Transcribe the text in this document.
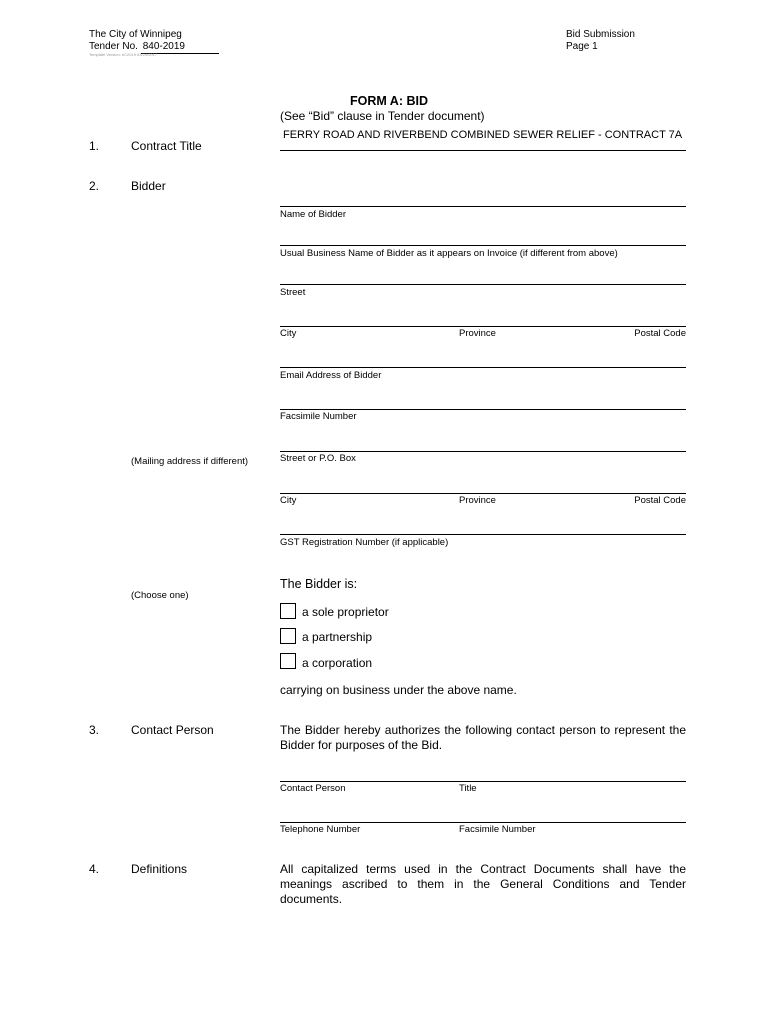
The City of Winnipeg
Tender No. 840-2019
Template Version: eC2019 03/20/2017
Bid Submission
Page 1
FORM A: BID
(See “Bid” clause in Tender document)
1.	Contract Title
FERRY ROAD AND RIVERBEND COMBINED SEWER RELIEF - CONTRACT 7A
2.	Bidder
Name of Bidder
Usual Business Name of Bidder as it appears on Invoice (if different from above)
Street
City	Province	Postal Code
Email Address of Bidder
Facsimile Number
Street or P.O. Box
(Mailing address if different)
City	Province	Postal Code
GST Registration Number (if applicable)
The Bidder is:
(Choose one)
a sole proprietor
a partnership
a corporation
carrying on business under the above name.
3.	Contact Person	The Bidder hereby authorizes the following contact person to represent the Bidder for purposes of the Bid.
Contact Person	Title
Telephone Number	Facsimile Number
4.	Definitions	All capitalized terms used in the Contract Documents shall have the meanings ascribed to them in the General Conditions and Tender documents.
